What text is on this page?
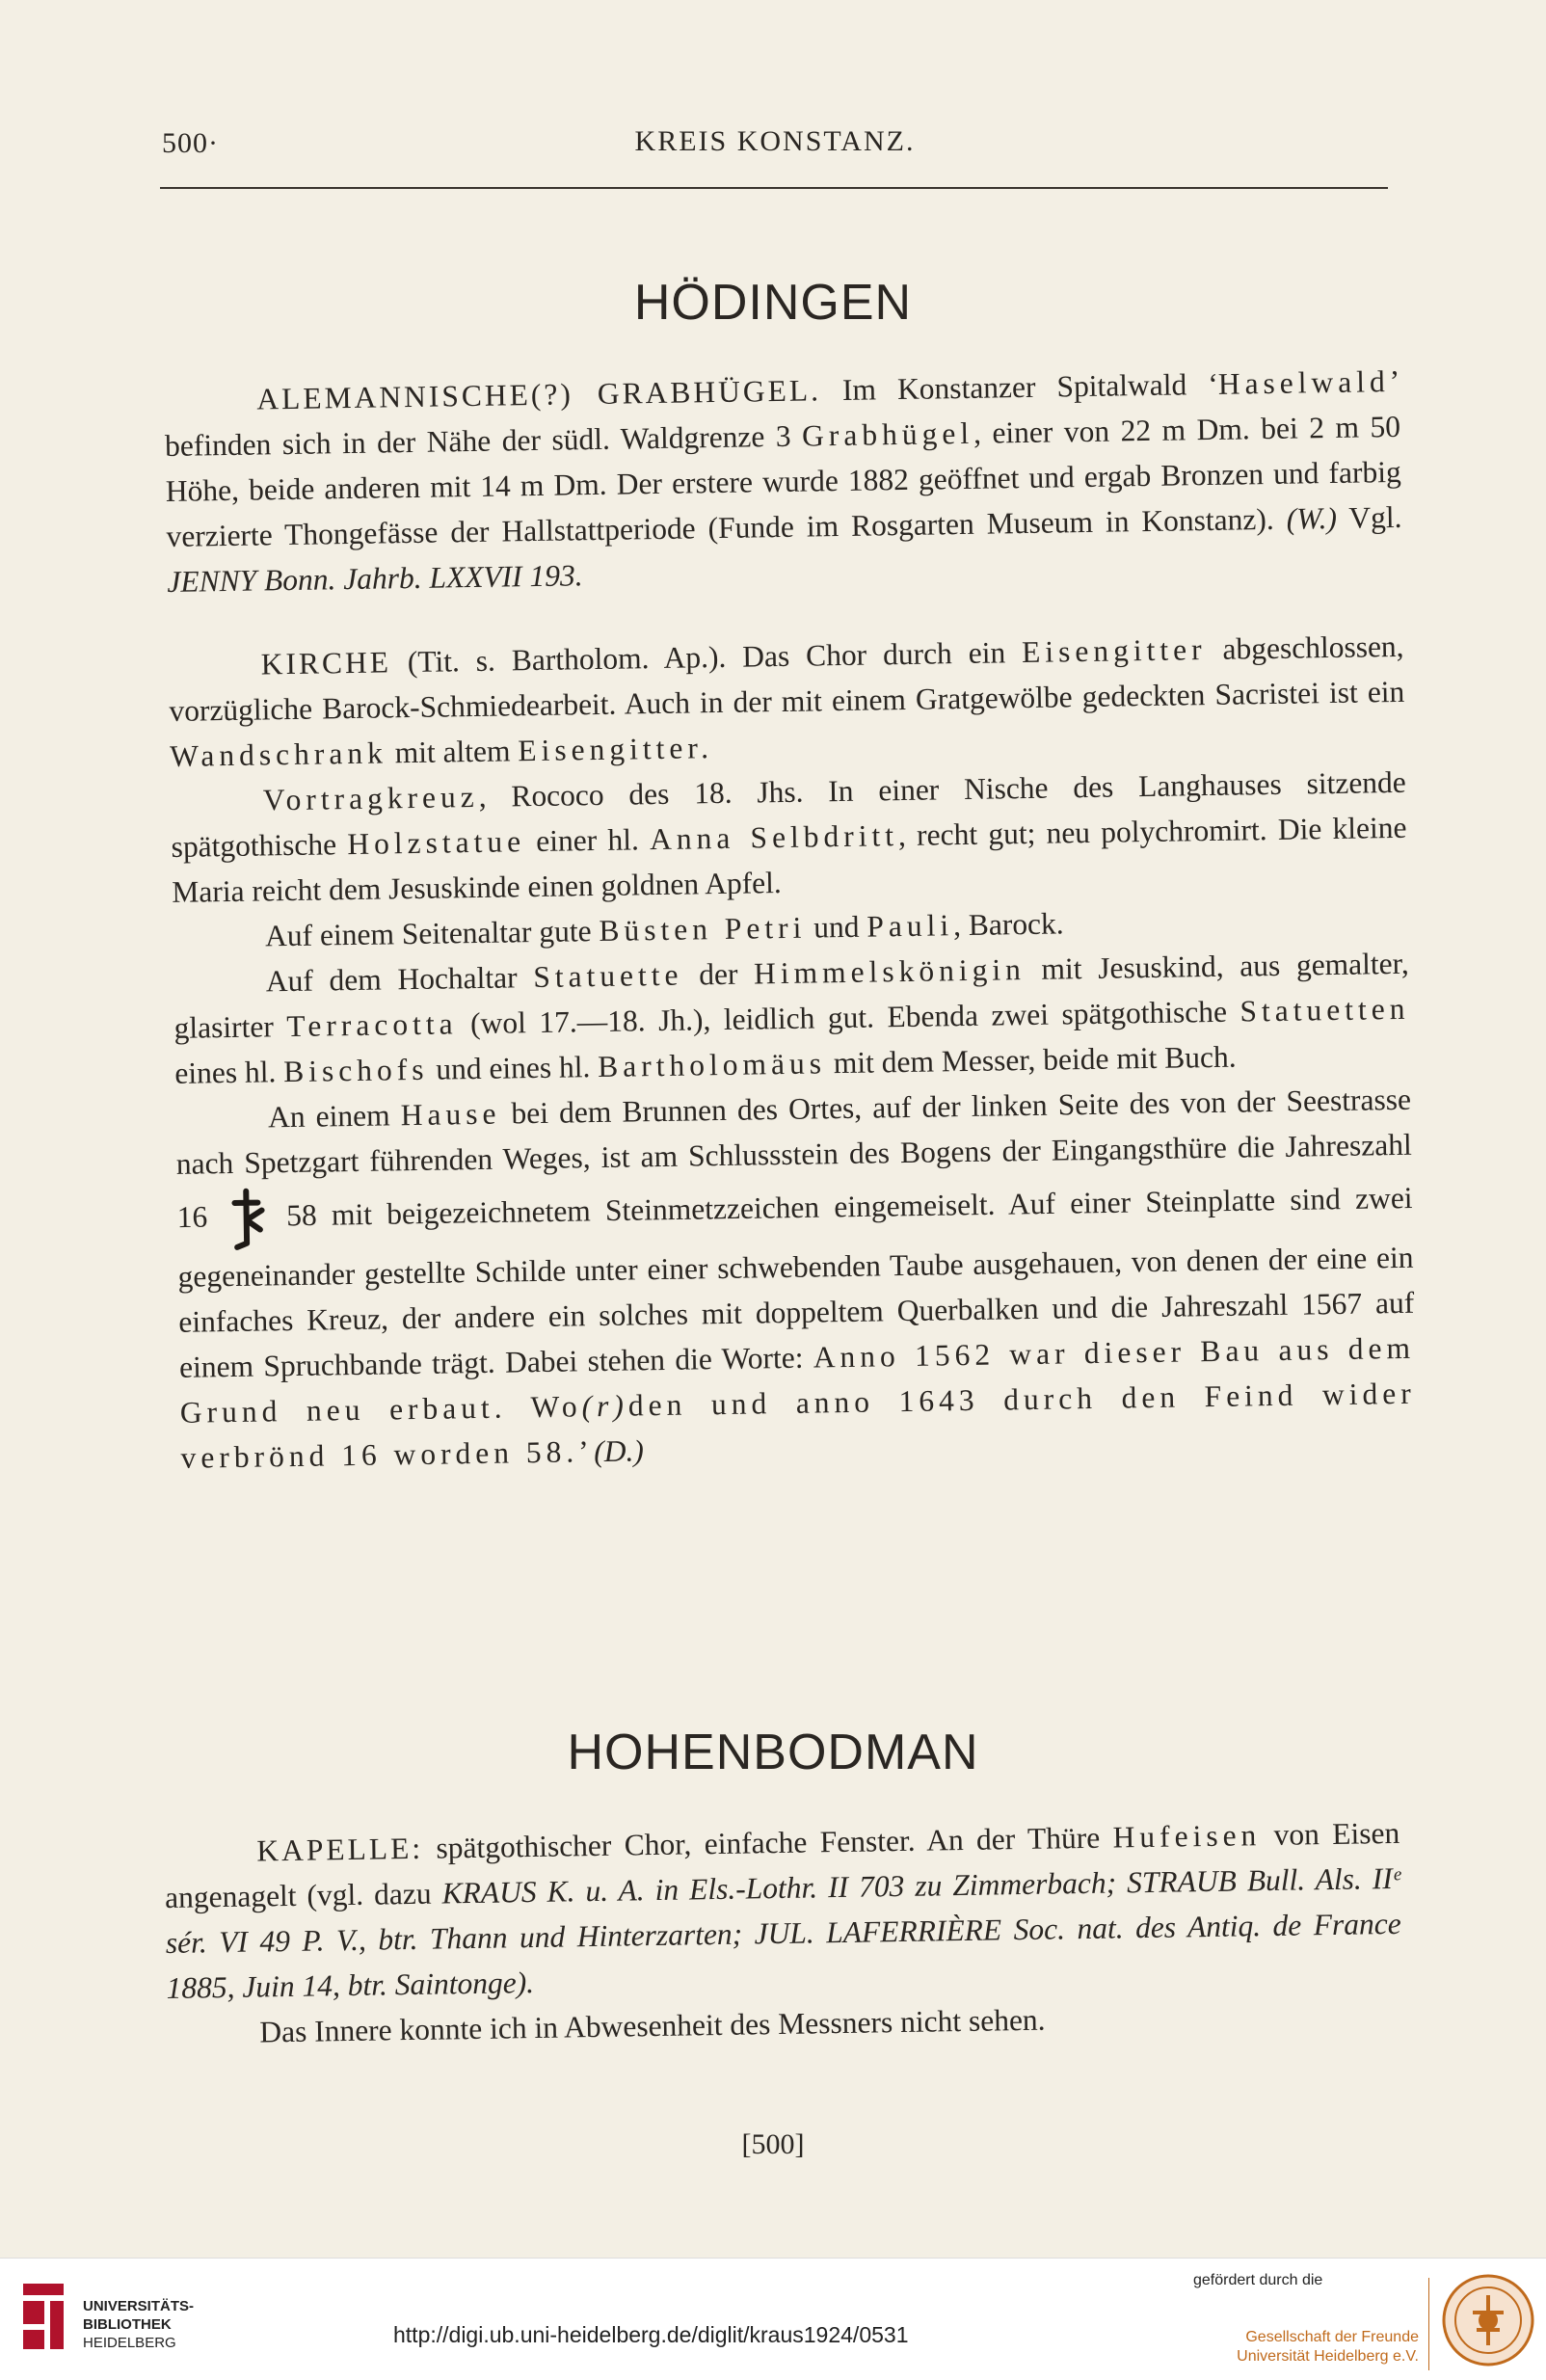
500·	KREIS KONSTANZ.
HÖDINGEN

ALEMANNISCHE(?) GRABHÜGEL. Im Konstanzer Spitalwald ‘Haselwald’ befinden sich in der Nähe der südl. Waldgrenze 3 Grabhügel, einer von 22 m Dm. bei 2 m 50 Höhe, beide anderen mit 14 m Dm. Der erstere wurde 1882 geöffnet und ergab Bronzen und farbig verzierte Thongefässe der Hallstattperiode (Funde im Rosgarten Museum in Konstanz). (W.) Vgl. JENNY Bonn. Jahrb. LXXVII 193.

KIRCHE (Tit. s. Bartholom. Ap.). Das Chor durch ein Eisengitter abgeschlossen, vorzügliche Barock-Schmiedearbeit. Auch in der mit einem Gratgewölbe gedeckten Sacristei ist ein Wandschrank mit altem Eisengitter.

Vortragkreuz, Rococo des 18. Jhs. In einer Nische des Langhauses sitzende spätgothische Holzstatue einer hl. Anna Selbdritt, recht gut; neu polychromirt. Die kleine Maria reicht dem Jesuskinde einen goldnen Apfel.

Auf einem Seitenaltar gute Büsten Petri und Pauli, Barock.

Auf dem Hochaltar Statuette der Himmelskönigin mit Jesuskind, aus gemalter, glasirter Terracotta (wol 17.—18. Jh.), leidlich gut. Ebenda zwei spätgothische Statuetten eines hl. Bischofs und eines hl. Bartholomäus mit dem Messer, beide mit Buch.

An einem Hause bei dem Brunnen des Ortes, auf der linken Seite des von der Seestrasse nach Spetzgart führenden Weges, ist am Schlussstein des Bogens der Eingangsthüre die Jahreszahl 16	58 mit beigezeichnetem Steinmetzzeichen eingemeiselt. Auf einer Steinplatte sind zwei gegeneinander gestellte Schilde unter einer schwebenden Taube ausgehauen, von denen der eine ein einfaches Kreuz, der andere ein solches mit doppeltem Querbalken und die Jahreszahl 1567 auf einem Spruchbande trägt. Dabei stehen die Worte: Anno 1562 war dieser Bau aus dem Grund neu erbaut. Wo(r)den und anno 1643 durch den Feind wider verbrönd 16 worden 58.’ (D.)

HOHENBODMAN

KAPELLE: spätgothischer Chor, einfache Fenster. An der Thüre Hufeisen von Eisen angenagelt (vgl. dazu KRAUS K. u. A. in Els.-Lothr. II 703 zu Zimmerbach; STRAUB Bull. Als. IIᵉ sér. VI 49 P. V., btr. Thann und Hinterzarten; JUL. LAFERRIÈRE Soc. nat. des Antiq. de France 1885, Juin 14, btr. Saintonge).

Das Innere konnte ich in Abwesenheit des Messners nicht sehen.

[500]
UNIVERSITÄTS-
BIBLIOTHEK
HEIDELBERG	http://digi.ub.uni-heidelberg.de/diglit/kraus1924/0531
gefördert durch die
Gesellschaft der Freunde
Universität Heidelberg e.V.
